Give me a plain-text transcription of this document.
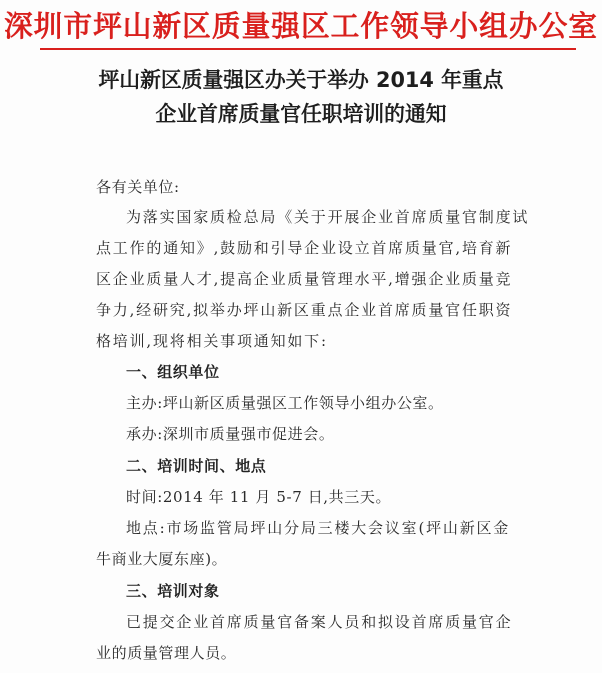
深圳市坪山新区质量强区工作领导小组办公室
坪山新区质量强区办关于举办 2014 年重点
企业首席质量官任职培训的通知
各有关单位:
为落实国家质检总局《关于开展企业首席质量官制度试
点工作的通知》,鼓励和引导企业设立首席质量官,培育新
区企业质量人才,提高企业质量管理水平,增强企业质量竞
争力,经研究,拟举办坪山新区重点企业首席质量官任职资
格培训,现将相关事项通知如下:
一、组织单位
主办:坪山新区质量强区工作领导小组办公室。
承办:深圳市质量强市促进会。
二、培训时间、地点
时间:2014 年 11 月 5-7 日,共三天。
地点:市场监管局坪山分局三楼大会议室(坪山新区金
牛商业大厦东座)。
三、培训对象
已提交企业首席质量官备案人员和拟设首席质量官企
业的质量管理人员。
